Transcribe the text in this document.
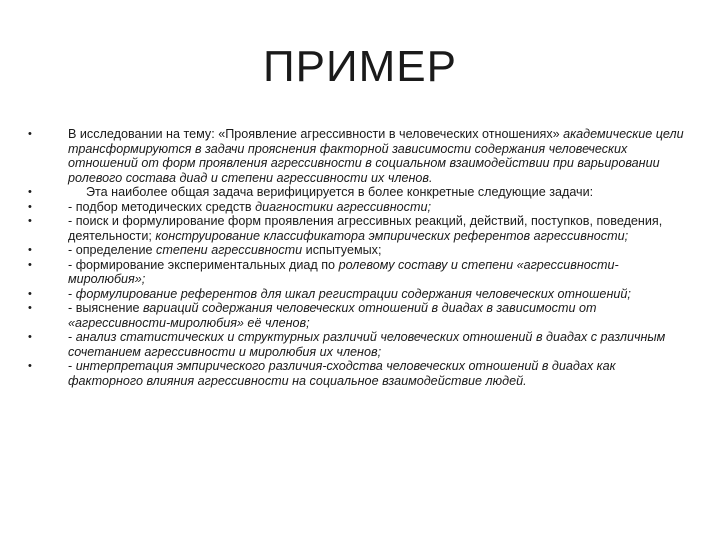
ПРИМЕР
•	В исследовании на тему: «Проявление агрессивности в человеческих отношениях» академические цели трансформируются в задачи прояснения факторной зависимости содержания человеческих отношений от форм проявления агрессивности в социальном взаимодействии при варьировании ролевого состава диад и степени агрессивности их членов.
•	Эта наиболее общая задача верифицируется в более конкретные следующие задачи:
•	- подбор методических средств диагностики агрессивности;
•	- поиск и формулирование форм проявления агрессивных реакций, действий, поступков, поведения, деятельности; конструирование классификатора эмпирических референтов агрессивности;
•	- определение степени агрессивности испытуемых;
•	- формирование экспериментальных диад по ролевому составу и степени «агрессивности-миролюбия»;
•	- формулирование референтов для шкал регистрации содержания человеческих отношений;
•	- выяснение вариаций содержания человеческих отношений в диадах в зависимости от «агрессивности-миролюбия» её членов;
•	- анализ статистических и структурных различий человеческих отношений в диадах с различным сочетанием агрессивности и миролюбия их членов;
•	- интерпретация эмпирического различия-сходства человеческих отношений в диадах как факторного влияния агрессивности на социальное взаимодействие людей.
